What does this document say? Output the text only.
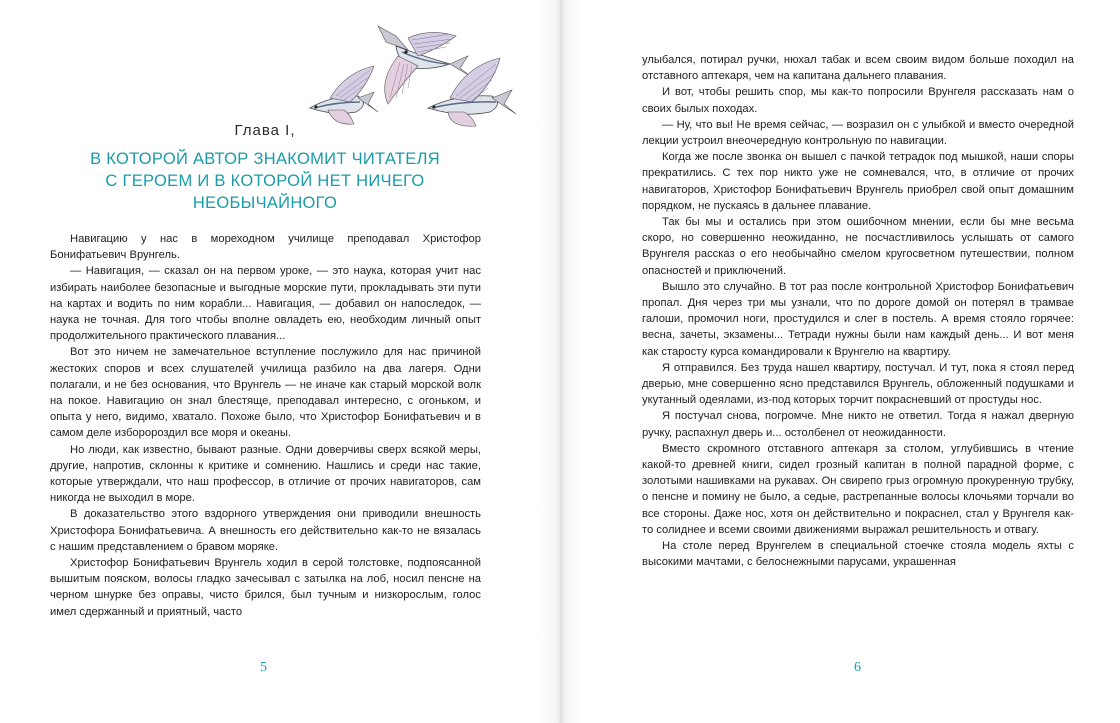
Глава I,
В КОТОРОЙ АВТОР ЗНАКОМИТ ЧИТАТЕЛЯ
С ГЕРОЕМ И В КОТОРОЙ НЕТ НИЧЕГО
НЕОБЫЧАЙНОГО

Навигацию у нас в мореходном училище преподавал Христофор Бонифатьевич Врунгель.

— Навигация, — сказал он на первом уроке, — это наука, которая учит нас избирать наиболее безопасные и выгодные морские пути, прокладывать эти пути на картах и водить по ним корабли... Навигация, — добавил он напоследок, — наука не точная. Для того чтобы вполне овладеть ею, необходим личный опыт продолжительного практического плавания...

Вот это ничем не замечательное вступление послужило для нас причиной жестоких споров и всех слушателей училища разбило на два лагеря. Одни полагали, и не без основания, что Врунгель — не иначе как старый морской волк на покое. Навигацию он знал блестяще, преподавал интересно, с огоньком, и опыта у него, видимо, хватало. Похоже было, что Христофор Бонифатьевич и в самом деле изборороздил все моря и океаны.

Но люди, как известно, бывают разные. Одни доверчивы сверх всякой меры, другие, напротив, склонны к критике и сомнению. Нашлись и среди нас такие, которые утверждали, что наш профессор, в отличие от прочих навигаторов, сам никогда не выходил в море.

В доказательство этого вздорного утверждения они приводили внешность Христофора Бонифатьевича. А внешность его действительно как-то не вязалась с нашим представлением о бравом моряке.

Христофор Бонифатьевич Врунгель ходил в серой толстовке, подпоясанной вышитым пояском, волосы гладко зачесывал с затылка на лоб, носил пенсне на черном шнурке без оправы, чисто брился, был тучным и низкорослым, голос имел сдержанный и приятный, часто

5

улыбался, потирал ручки, нюхал табак и всем своим видом больше походил на отставного аптекаря, чем на капитана дальнего плавания.

И вот, чтобы решить спор, мы как-то попросили Врунгеля рассказать нам о своих былых походах.

— Ну, что вы! Не время сейчас, — возразил он с улыбкой и вместо очередной лекции устроил внеочередную контрольную по навигации.

Когда же после звонка он вышел с пачкой тетрадок под мышкой, наши споры прекратились. С тех пор никто уже не сомневался, что, в отличие от прочих навигаторов, Христофор Бонифатьевич Врунгель приобрел свой опыт домашним порядком, не пускаясь в дальнее плавание.

Так бы мы и остались при этом ошибочном мнении, если бы мне весьма скоро, но совершенно неожиданно, не посчастливилось услышать от самого Врунгеля рассказ о его необычайно смелом кругосветном путешествии, полном опасностей и приключений.

Вышло это случайно. В тот раз после контрольной Христофор Бонифатьевич пропал. Дня через три мы узнали, что по дороге домой он потерял в трамвае галоши, промочил ноги, простудился и слег в постель. А время стояло горячее: весна, зачеты, экзамены... Тетради нужны были нам каждый день... И вот меня как старосту курса командировали к Врунгелю на квартиру.

Я отправился. Без труда нашел квартиру, постучал. И тут, пока я стоял перед дверью, мне совершенно ясно представился Врунгель, обложенный подушками и укутанный одеялами, из-под которых торчит покрасневший от простуды нос.

Я постучал снова, погромче. Мне никто не ответил. Тогда я нажал дверную ручку, распахнул дверь и... остолбенел от неожиданности.

Вместо скромного отставного аптекаря за столом, углубившись в чтение какой-то древней книги, сидел грозный капитан в полной парадной форме, с золотыми нашивками на рукавах. Он свирепо грыз огромную прокуренную трубку, о пенсне и помину не было, а седые, растрепанные волосы клочьями торчали во все стороны. Даже нос, хотя он действительно и покраснел, стал у Врунгеля как-то солиднее и всеми своими движениями выражал решительность и отвагу.

На столе перед Врунгелем в специальной стоечке стояла модель яхты с высокими мачтами, с белоснежными парусами, украшенная

6
